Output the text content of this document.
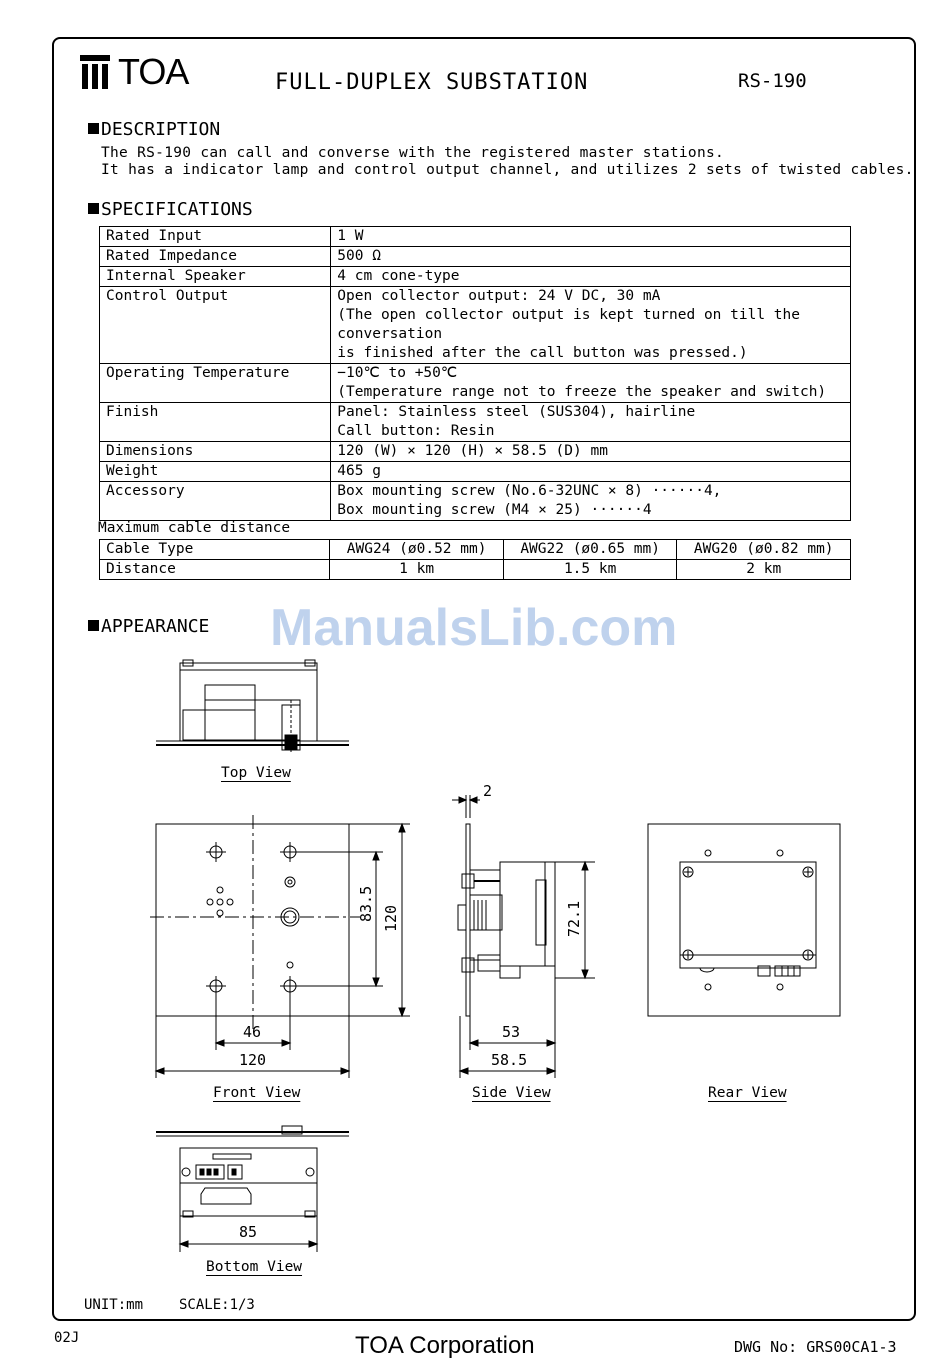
TOA	FULL-DUPLEX SUBSTATION	RS-190
DESCRIPTION
The RS-190 can call and converse with the registered master stations.
It has a indicator lamp and control output channel, and utilizes 2 sets of twisted cables.
SPECIFICATIONS
Rated Input	1 W

Rated Impedance	500 Ω

Internal Speaker	4 cm cone-type

Control Output	Open collector output: 24 V DC, 30 mA
(The open collector output is kept turned on till the conversation
is finished after the call button was pressed.)

Operating Temperature	−10℃ to +50℃
(Temperature range not to freeze the speaker and switch)

Finish	Panel: Stainless steel (SUS304), hairline
Call button: Resin

Dimensions	120 (W) × 120 (H) × 58.5 (D) mm

Weight	465 g

Accessory	Box mounting screw (No.6-32UNC × 8) ······4,
Box mounting screw (M4 × 25) ······4
Maximum cable distance
Cable Type	AWG24 (ø0.52 mm)	AWG22 (ø0.65 mm)	AWG20 (ø0.82 mm)
Distance	1 km	1.5 km	2 km
APPEARANCE ManualsLib.com
Top View
Front View	Side View	Rear View
Bottom View
46
120
83.5 120
2
72.1
53
58.5
85
UNIT:mm	SCALE:1/3
02J	TOA Corporation	DWG No: GRS00CA1-3
